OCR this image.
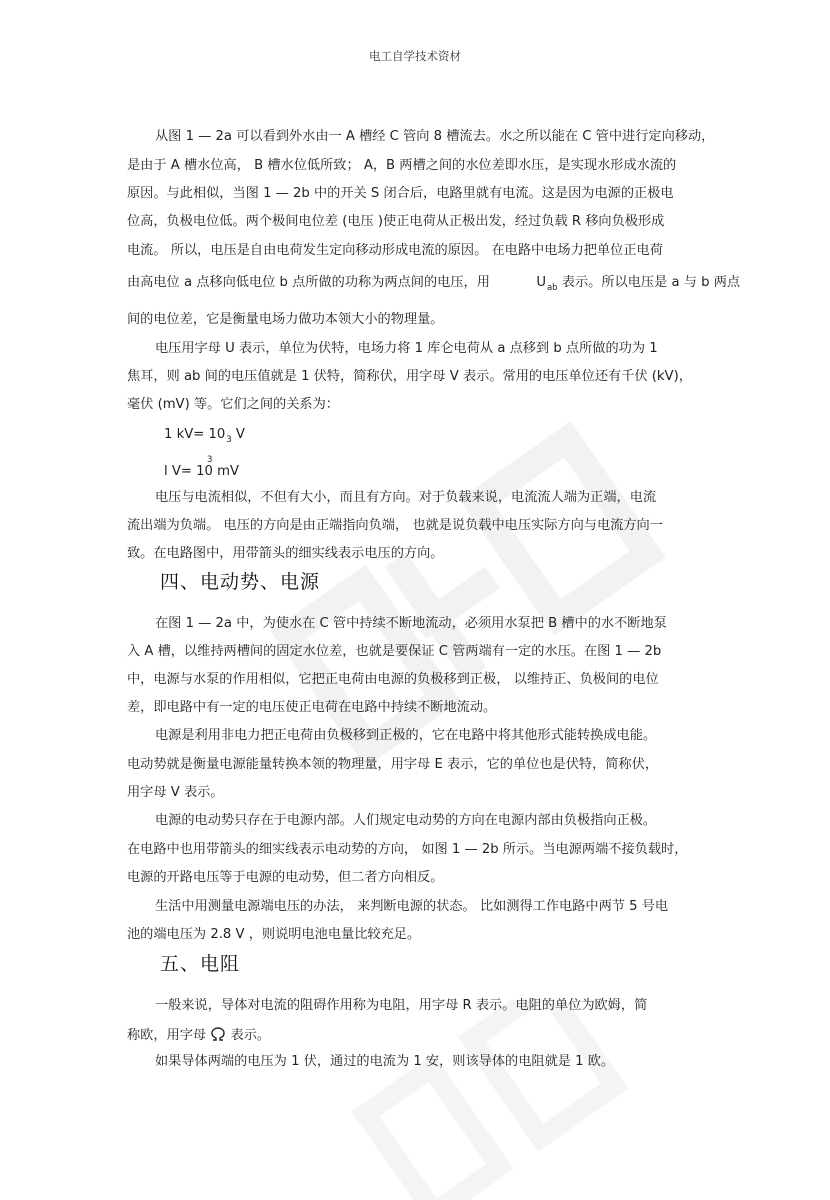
电工自学技术资材
从图 1 — 2a 可以看到外水由一 A 槽经 C 管向 8 槽流去。水之所以能在 C 管中进行定向移动，
是由于 A 槽水位高， B 槽水位低所致； A，B 两槽之间的水位差即水压，是实现水形成水流的
原因。与此相似，当图 1 — 2b 中的开关 S 闭合后，电路里就有电流。这是因为电源的正极电
位高，负极电位低。两个极间电位差 (电压 )使正电荷从正极出发，经过负载 R 移向负极形成
电流。 所以，电压是自由电荷发生定向移动形成电流的原因。 在电路中电场力把单位正电荷
由高电位 a 点移向低电位 b 点所做的功称为两点间的电压，用	$U_{ab}$ 表示。所以电压是 a 与 b 两点
间的电位差，它是衡量电场力做功本领大小的物理量。
电压用字母 U 表示，单位为伏特，电场力将 1 库仑电荷从 a 点移到 b 点所做的功为 1
焦耳，则 ab 间的电压值就是 1 伏特，简称伏，用字母 V 表示。常用的电压单位还有千伏 (kV)，
毫伏 (mV) 等。它们之间的关系为：
1 $kV= 10_3$ V
3
l V= 10 mV
电压与电流相似，不但有大小，而且有方向。对于负载来说，电流流人端为正端，电流
流出端为负端。 电压的方向是由正端指向负端， 也就是说负载中电压实际方向与电流方向一
致。在电路图中，用带箭头的细实线表示电压的方向。
四、电动势、电源
在图 1 — 2a 中，为使水在 C 管中持续不断地流动，必须用水泵把 B 槽中的水不断地泵
入 A 槽，以维持两槽间的固定水位差，也就是要保证 C 管两端有一定的水压。在图 1 — 2b
中，电源与水泵的作用相似，它把正电荷由电源的负极移到正极， 以维持正、负极间的电位
差，即电路中有一定的电压使正电荷在电路中持续不断地流动。
电源是利用非电力把正电荷由负极移到正极的，它在电路中将其他形式能转换成电能。
电动势就是衡量电源能量转换本领的物理量，用字母 E 表示，它的单位也是伏特，简称伏，
用字母 V 表示。
电源的电动势只存在于电源内部。人们规定电动势的方向在电源内部由负极指向正极。
在电路中也用带箭头的细实线表示电动势的方向， 如图 1 — 2b 所示。当电源两端不接负载时，
电源的开路电压等于电源的电动势，但二者方向相反。
生活中用测量电源端电压的办法， 来判断电源的状态。 比如测得工作电路中两节 5 号电
池的端电压为 2.8 V ，则说明电池电量比较充足。
五、电阻
一般来说，导体对电流的阻碍作用称为电阻，用字母 R 表示。电阻的单位为欧姆，简
称欧，用字母 表示。
如果导体两端的电压为 1 伏，通过的电流为 1 安，则该导体的电阻就是 1 欧。
